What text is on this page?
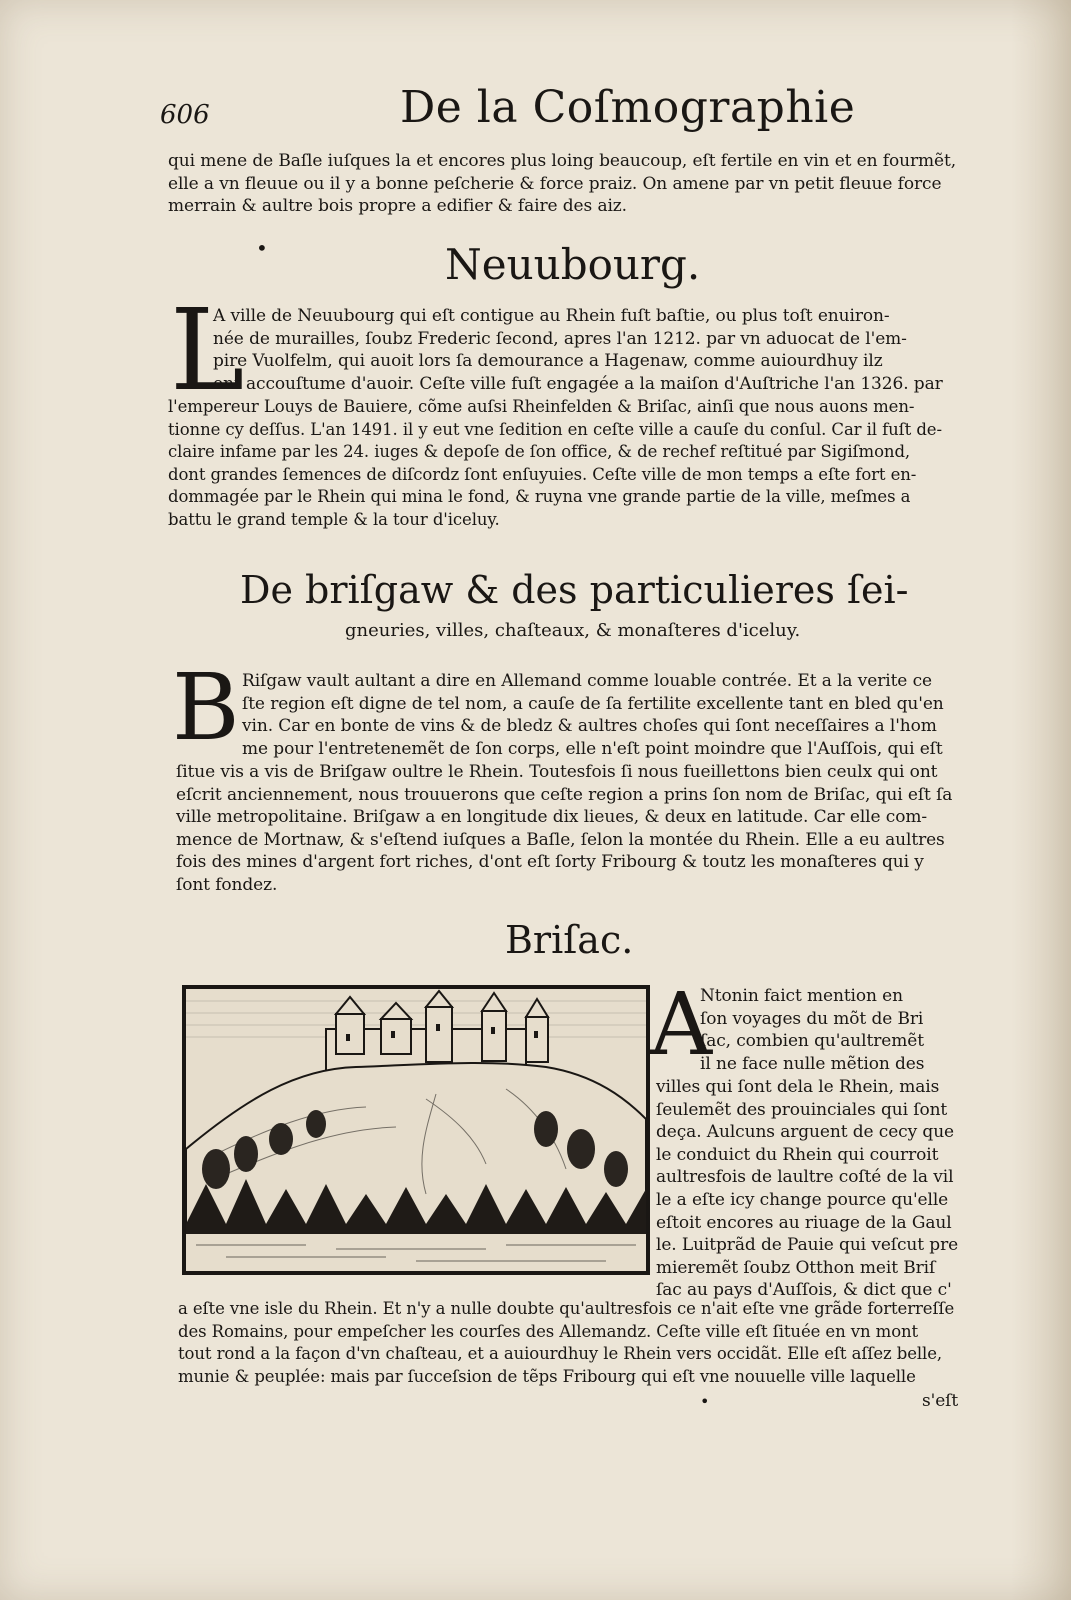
606	De la Coſmographie
qui mene de Baſle iuſques la et encores plus loing beaucoup, eſt fertile en vin et en fourmẽt,
elle a vn fleuue ou il y a bonne peſcherie & force praiz. On amene par vn petit fleuue force
merrain & aultre bois propre a edifier & faire des aiz.
•	Neuubourg.
L
A ville de Neuubourg qui eſt contigue au Rhein fuſt baſtie, ou plus toſt enuiron-
née de murailles, ſoubz Frederic ſecond, apres l'an 1212. par vn aduocat de l'em-
pire Vuolfelm, qui auoit lors ſa demourance a Hagenaw, comme auiourdhuy ilz
ont accouſtume d'auoir. Ceſte ville fuſt engagée a la maiſon d'Auſtriche l'an 1326. par
l'empereur Louys de Bauiere, cõme auſsi Rheinfelden & Briſac, ainſi que nous auons men-
tionne cy deſſus. L'an 1491. il y eut vne ſedition en ceſte ville a cauſe du conſul. Car il fuſt de-
claire infame par les 24. iuges & depoſe de ſon office, & de rechef reſtitué par Sigiſmond,
dont grandes ſemences de diſcordz ſont enſuyuies. Ceſte ville de mon temps a eſte fort en-
dommagée par le Rhein qui mina le fond, & ruyna vne grande partie de la ville, meſmes a
battu le grand temple & la tour d'iceluy.
De briſgaw & des particulieres ſei-
gneuries, villes, chaſteaux, & monaſteres d'iceluy.
B Riſgaw vault aultant a dire en Allemand comme louable contrée. Et a la verite ce
ſte region eſt digne de tel nom, a cauſe de ſa fertilite excellente tant en bled qu'en
vin. Car en bonte de vins & de bledz & aultres choſes qui ſont neceſſaires a l'hom
me pour l'entretenemẽt de ſon corps, elle n'eſt point moindre que l'Auſſois, qui eſt
ſitue vis a vis de Briſgaw oultre le Rhein. Toutesfois ſi nous fueillettons bien ceulx qui ont
eſcrit anciennement, nous trouuerons que ceſte region a prins ſon nom de Briſac, qui eſt ſa
ville metropolitaine. Briſgaw a en longitude dix lieues, & deux en latitude. Car elle com-
mence de Mortnaw, & s'eſtend iuſques a Baſle, ſelon la montée du Rhein. Elle a eu aultres
fois des mines d'argent fort riches, d'ont eſt ſorty Fribourg & toutz les monaſteres qui y
ſont fondez.
Briſac.
A
Ntonin faict mention en
ſon voyages du mõt de Bri
ſac, combien qu'aultremẽt
il ne face nulle mẽtion des
villes qui ſont dela le Rhein, mais
ſeulemẽt des prouinciales qui ſont
deça. Aulcuns arguent de cecy que
le conduict du Rhein qui courroit
aultresfois de laultre coſté de la vil
le a eſte icy change pource qu'elle
eſtoit encores au riuage de la Gaul
le. Luitprãd de Pauie qui veſcut pre
mieremẽt ſoubz Otthon meit Briſ
ſac au pays d'Auſſois, & dict que c'
a eſte vne isle du Rhein. Et n'y a nulle doubte qu'aultresfois ce n'ait eſte vne grãde forterreſſe
des Romains, pour empeſcher les courſes des Allemandz. Ceſte ville eſt ſituée en vn mont
tout rond a la façon d'vn chaſteau, et a auiourdhuy le Rhein vers occidãt. Elle eſt aſſez belle,
munie & peuplée: mais par ſucceſsion de tẽps Fribourg qui eſt vne nouuelle ville laquelle
•	s'eſt
